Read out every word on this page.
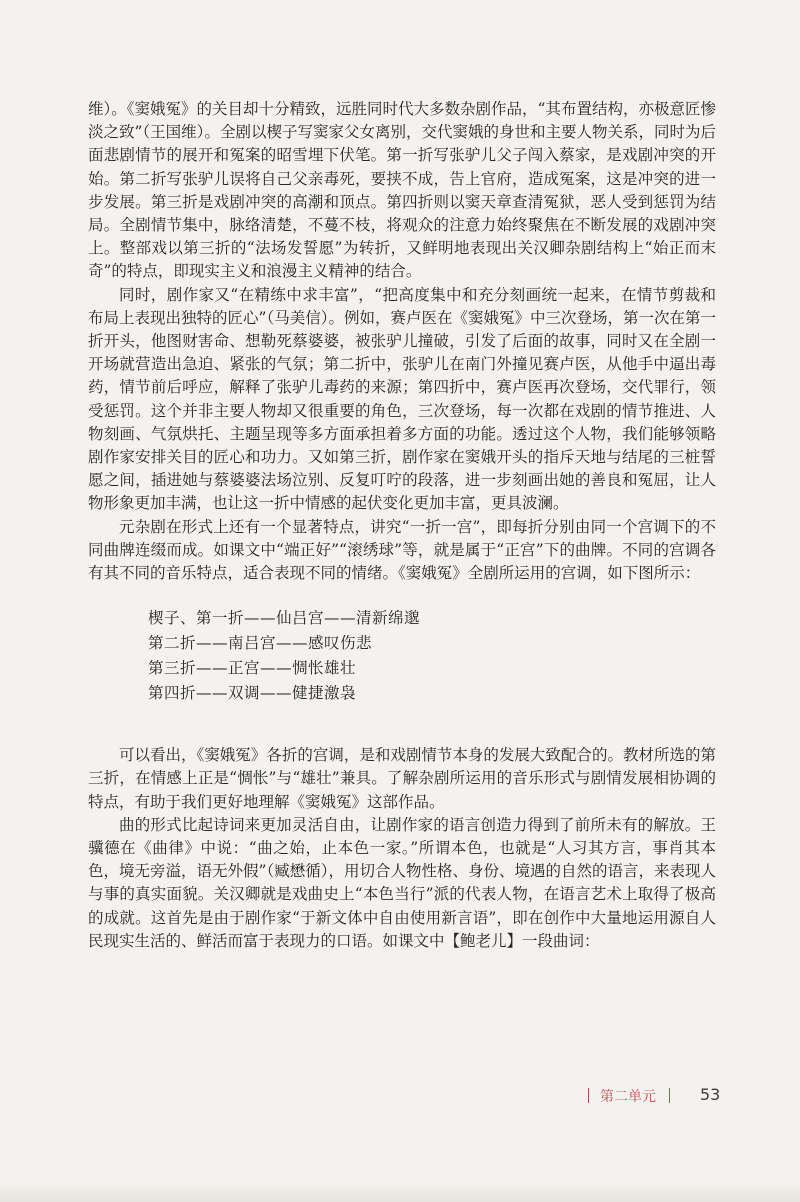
维）。《窦娥冤》的关目却十分精致，远胜同时代大多数杂剧作品，“其布置结构，亦极意匠惨淡之致”（王国维）。全剧以楔子写窦家父女离别，交代窦娥的身世和主要人物关系，同时为后面悲剧情节的展开和冤案的昭雪埋下伏笔。第一折写张驴儿父子闯入蔡家，是戏剧冲突的开始。第二折写张驴儿误将自己父亲毒死，要挟不成，告上官府，造成冤案，这是冲突的进一步发展。第三折是戏剧冲突的高潮和顶点。第四折则以窦天章查清冤狱，恶人受到惩罚为结局。全剧情节集中，脉络清楚，不蔓不枝，将观众的注意力始终聚焦在不断发展的戏剧冲突上。整部戏以第三折的“法场发誓愿”为转折，又鲜明地表现出关汉卿杂剧结构上“始正而末奇”的特点，即现实主义和浪漫主义精神的结合。

同时，剧作家又“在精练中求丰富”，“把高度集中和充分刻画统一起来，在情节剪裁和布局上表现出独特的匠心”（马美信）。例如，赛卢医在《窦娥冤》中三次登场，第一次在第一折开头，他图财害命、想勒死蔡婆婆，被张驴儿撞破，引发了后面的故事，同时又在全剧一开场就营造出急迫、紧张的气氛；第二折中，张驴儿在南门外撞见赛卢医，从他手中逼出毒药，情节前后呼应，解释了张驴儿毒药的来源；第四折中，赛卢医再次登场，交代罪行，领受惩罚。这个并非主要人物却又很重要的角色，三次登场，每一次都在戏剧的情节推进、人物刻画、气氛烘托、主题呈现等多方面承担着多方面的功能。透过这个人物，我们能够领略剧作家安排关目的匠心和功力。又如第三折，剧作家在窦娥开头的指斥天地与结尾的三桩誓愿之间，插进她与蔡婆婆法场泣别、反复叮咛的段落，进一步刻画出她的善良和冤屈，让人物形象更加丰满，也让这一折中情感的起伏变化更加丰富，更具波澜。

元杂剧在形式上还有一个显著特点，讲究“一折一宫”，即每折分别由同一个宫调下的不同曲牌连缀而成。如课文中“端正好”“滚绣球”等，就是属于“正宫”下的曲牌。不同的宫调各有其不同的音乐特点，适合表现不同的情绪。《窦娥冤》全剧所运用的宫调，如下图所示：

楔子、第一折——仙吕宫——清新绵邈
第二折——南吕宫——感叹伤悲
第三折——正宫——惆怅雄壮
第四折——双调——健捷激袅

可以看出，《窦娥冤》各折的宫调，是和戏剧情节本身的发展大致配合的。教材所选的第三折，在情感上正是“惆怅”与“雄壮”兼具。了解杂剧所运用的音乐形式与剧情发展相协调的特点，有助于我们更好地理解《窦娥冤》这部作品。

曲的形式比起诗词来更加灵活自由，让剧作家的语言创造力得到了前所未有的解放。王骥德在《曲律》中说：“曲之始，止本色一家。”所谓本色，也就是“人习其方言，事肖其本色，境无旁溢，语无外假”（臧懋循），用切合人物性格、身份、境遇的自然的语言，来表现人与事的真实面貌。关汉卿就是戏曲史上“本色当行”派的代表人物，在语言艺术上取得了极高的成就。这首先是由于剧作家“于新文体中自由使用新言语”，即在创作中大量地运用源自人民现实生活的、鲜活而富于表现力的口语。如课文中【鲍老儿】一段曲词：

第二单元	53
